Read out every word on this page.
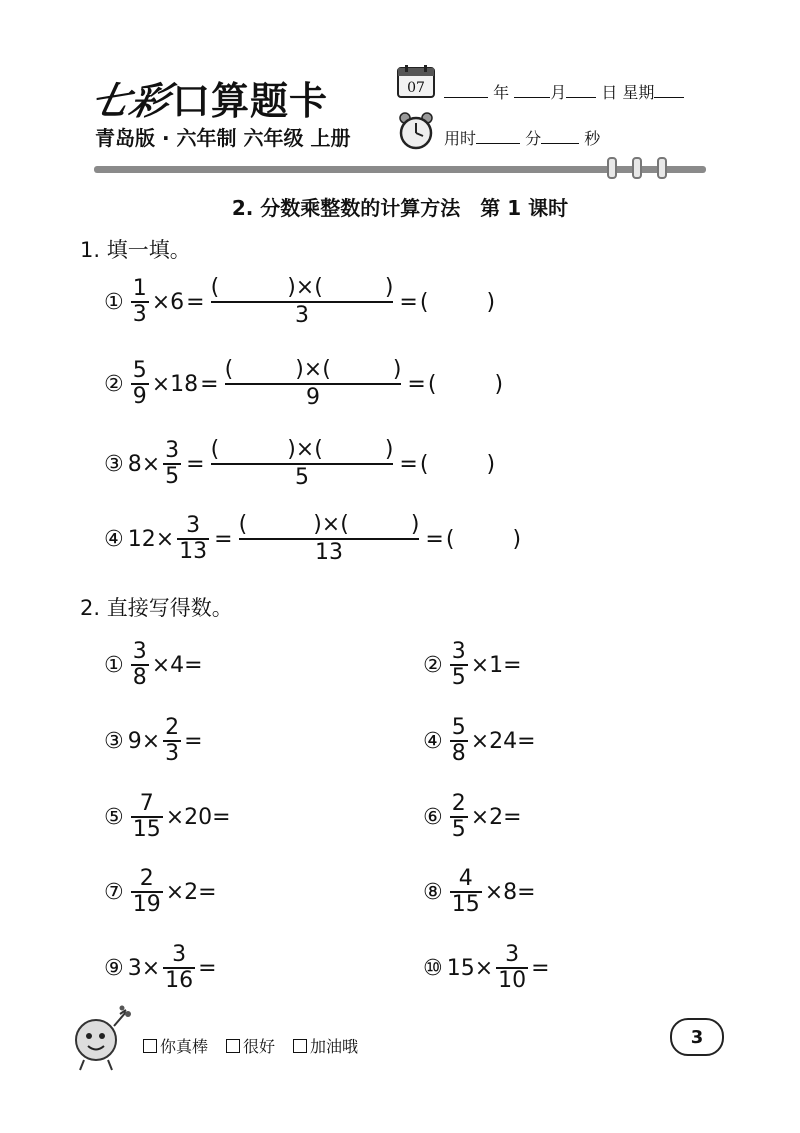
七彩口算题卡
青岛版 · 六年制 六年级 上册
07	年	月 日 星期
用时	分	秒
2. 分数乘整数的计算方法　第 1 课时
1. 填一填。
① $\frac{1}{3} \times 6$ =
(	) × (	)
3
= (	)
② $\frac{5}{9} \times 18$ =
(	) × (	)
9
= (	)
③ $8\times \frac{3}{5}$ =
(	) × (	)
5
= (	)
④ $12\times \frac{3}{13}$ =
(	) × (	)
13
= (	)
2. 直接写得数。
① $\frac{3}{8} \times 4=$	② $\frac{3}{5} \times 1=$
③ $9\times \frac{2}{3}$ =	④ $\frac{5}{8} \times 24=$
⑤ $\frac{7}{15} \times 20=$	⑥ $\frac{2}{5} \times 2=$
⑦ $\frac{2}{19} \times 2=$	⑧ $\frac{4}{15} \times 8=$
⑨ $3\times \frac{3}{16}$ =	⑩ $15\times \frac{3}{10}$ =
你真棒 很好 加油哦	3
